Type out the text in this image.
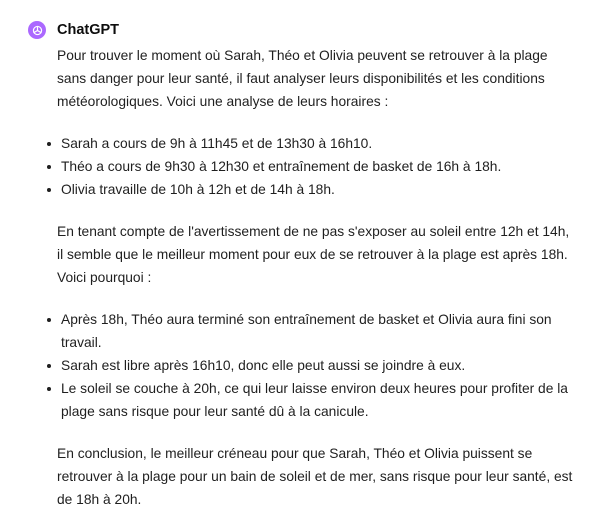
ChatGPT

Pour trouver le moment où Sarah, Théo et Olivia peuvent se retrouver à la plage sans danger pour leur santé, il faut analyser leurs disponibilités et les conditions météorologiques. Voici une analyse de leurs horaires :

Sarah a cours de 9h à 11h45 et de 13h30 à 16h10.
Théo a cours de 9h30 à 12h30 et entraînement de basket de 16h à 18h.
Olivia travaille de 10h à 12h et de 14h à 18h.

En tenant compte de l'avertissement de ne pas s'exposer au soleil entre 12h et 14h, il semble que le meilleur moment pour eux de se retrouver à la plage est après 18h. Voici pourquoi :

Après 18h, Théo aura terminé son entraînement de basket et Olivia aura fini son travail.
Sarah est libre après 16h10, donc elle peut aussi se joindre à eux.
Le soleil se couche à 20h, ce qui leur laisse environ deux heures pour profiter de la plage sans risque pour leur santé dû à la canicule.

En conclusion, le meilleur créneau pour que Sarah, Théo et Olivia puissent se retrouver à la plage pour un bain de soleil et de mer, sans risque pour leur santé, est de 18h à 20h.
